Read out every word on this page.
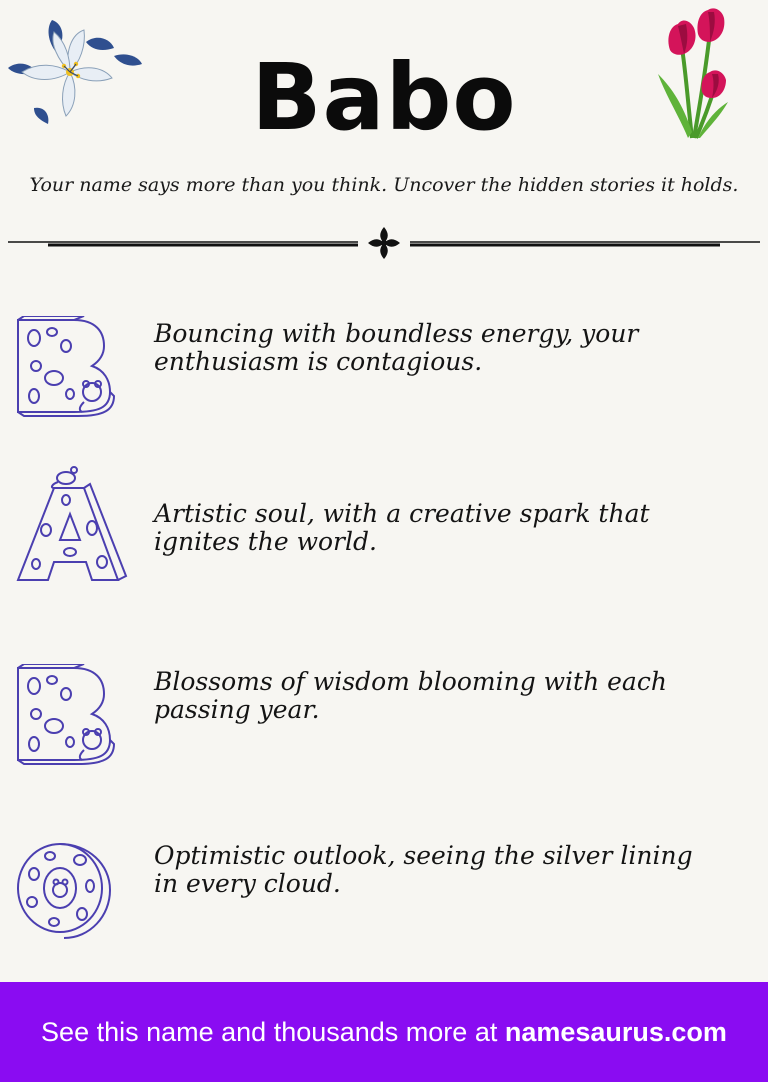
Babo
Your name says more than you think. Uncover the hidden stories it holds.
Bouncing with boundless energy, your enthusiasm is contagious.
Artistic soul, with a creative spark that ignites the world.
Blossoms of wisdom blooming with each passing year.
Optimistic outlook, seeing the silver lining in every cloud.
See this name and thousands more at namesaurus.com
